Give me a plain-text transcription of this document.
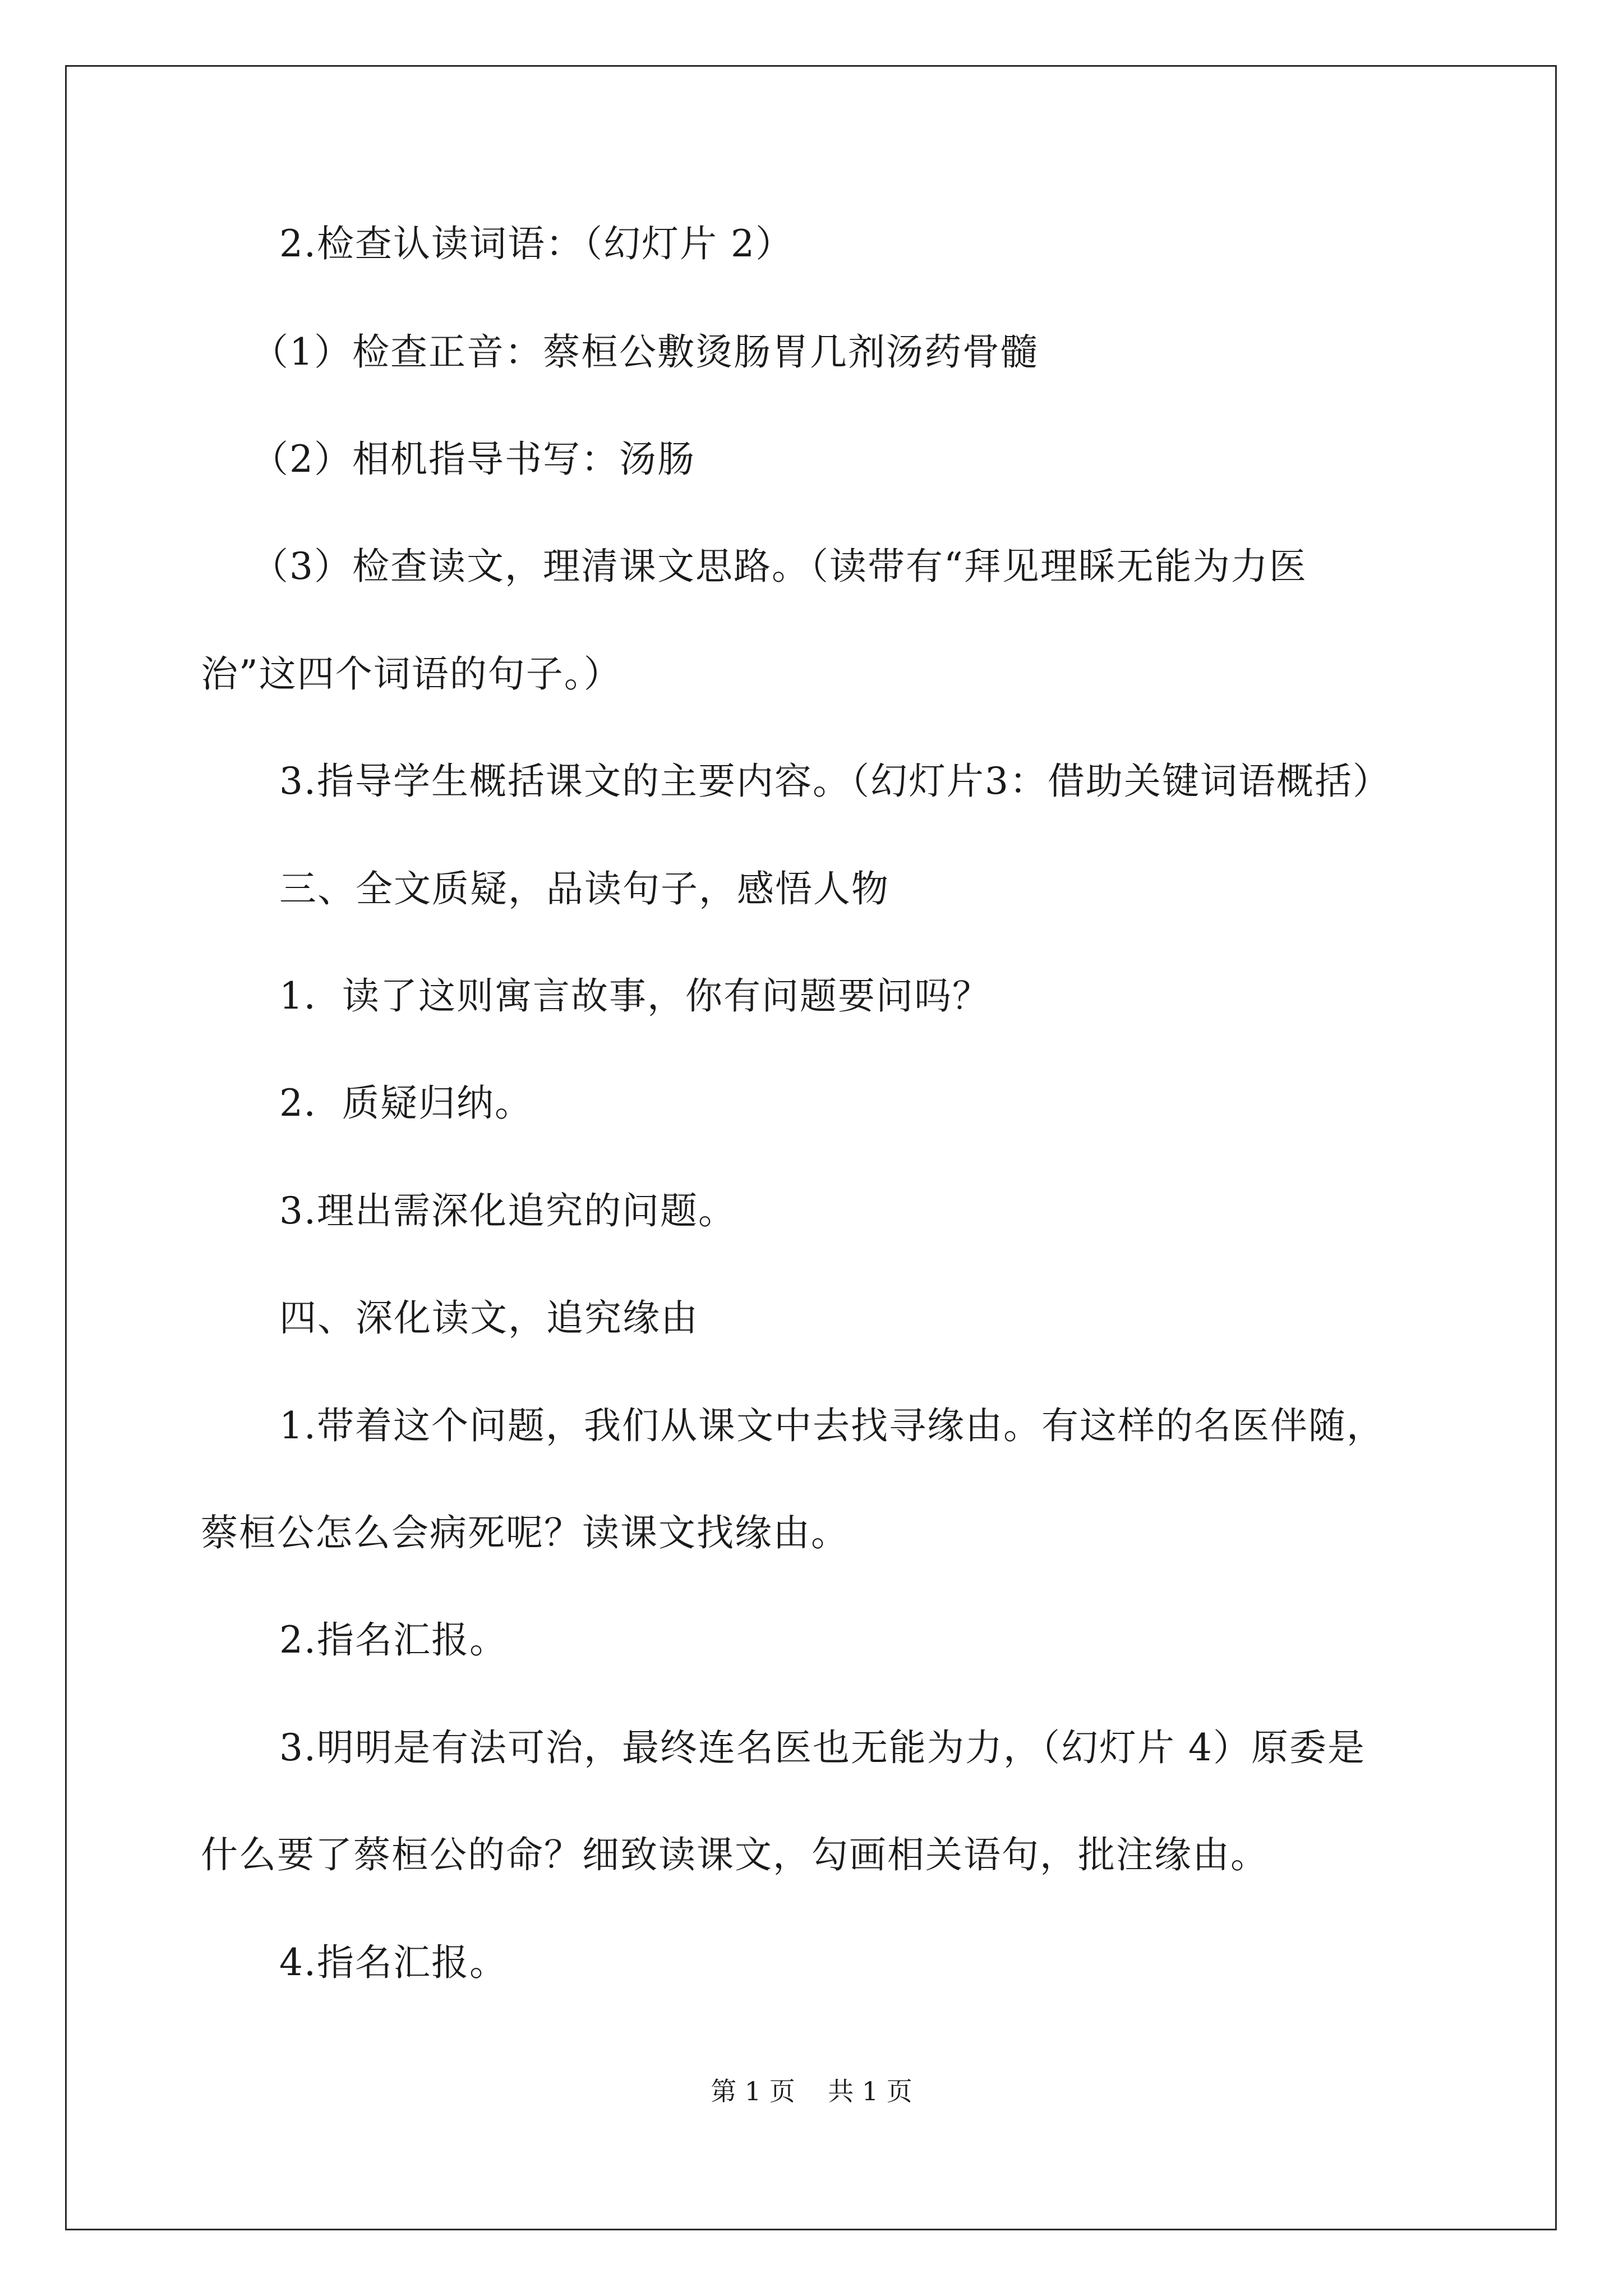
2.检查认读词语：（幻灯片 2）
（1）检查正音：蔡桓公敷烫肠胃几剂汤药骨髓
（2）相机指导书写：汤肠
（3）检查读文，理清课文思路。（读带有“拜见理睬无能为力医
治”这四个词语的句子。）
3.指导学生概括课文的主要内容。（幻灯片3：借助关键词语概括）
三、全文质疑，品读句子，感悟人物
1．读了这则寓言故事，你有问题要问吗？
2．质疑归纳。
3.理出需深化追究的问题。
四、深化读文，追究缘由
1.带着这个问题，我们从课文中去找寻缘由。有这样的名医伴随，
蔡桓公怎么会病死呢？读课文找缘由。
2.指名汇报。
3.明明是有法可治，最终连名医也无能为力，（幻灯片 4）原委是
什么要了蔡桓公的命？细致读课文，勾画相关语句，批注缘由。
4.指名汇报。
第 1 页    共 1 页
